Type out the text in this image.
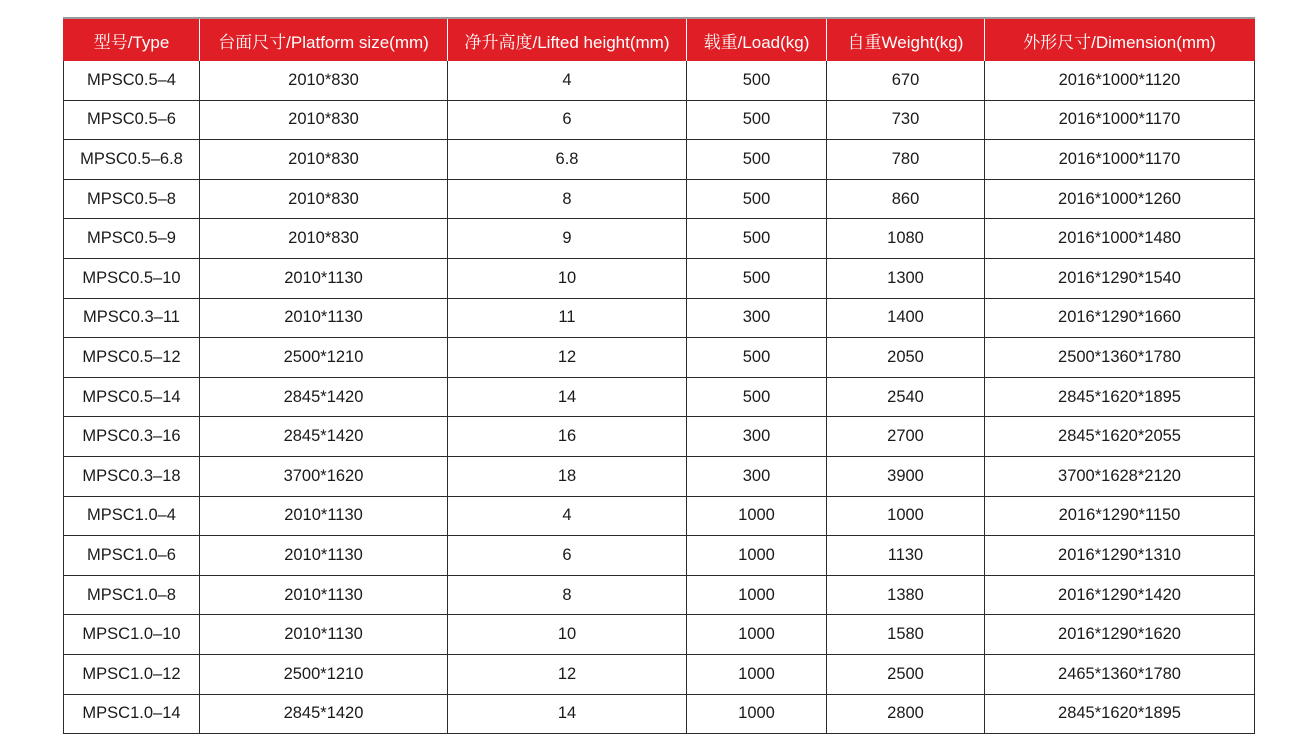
型号/Type	台面尺寸/Platform size(mm)	净升高度/Lifted height(mm)	载重/Load(kg)	自重Weight(kg)	外形尺寸/Dimension(mm)
MPSC0.5–4	2010*830	4	500	670	2016*1000*1120
MPSC0.5–6	2010*830	6	500	730	2016*1000*1170
MPSC0.5–6.8	2010*830	6.8	500	780	2016*1000*1170
MPSC0.5–8	2010*830	8	500	860	2016*1000*1260
MPSC0.5–9	2010*830	9	500	1080	2016*1000*1480
MPSC0.5–10	2010*1130	10	500	1300	2016*1290*1540
MPSC0.3–11	2010*1130	11	300	1400	2016*1290*1660
MPSC0.5–12	2500*1210	12	500	2050	2500*1360*1780
MPSC0.5–14	2845*1420	14	500	2540	2845*1620*1895
MPSC0.3–16	2845*1420	16	300	2700	2845*1620*2055
MPSC0.3–18	3700*1620	18	300	3900	3700*1628*2120
MPSC1.0–4	2010*1130	4	1000	1000	2016*1290*1150
MPSC1.0–6	2010*1130	6	1000	1130	2016*1290*1310
MPSC1.0–8	2010*1130	8	1000	1380	2016*1290*1420
MPSC1.0–10	2010*1130	10	1000	1580	2016*1290*1620
MPSC1.0–12	2500*1210	12	1000	2500	2465*1360*1780
MPSC1.0–14	2845*1420	14	1000	2800	2845*1620*1895
